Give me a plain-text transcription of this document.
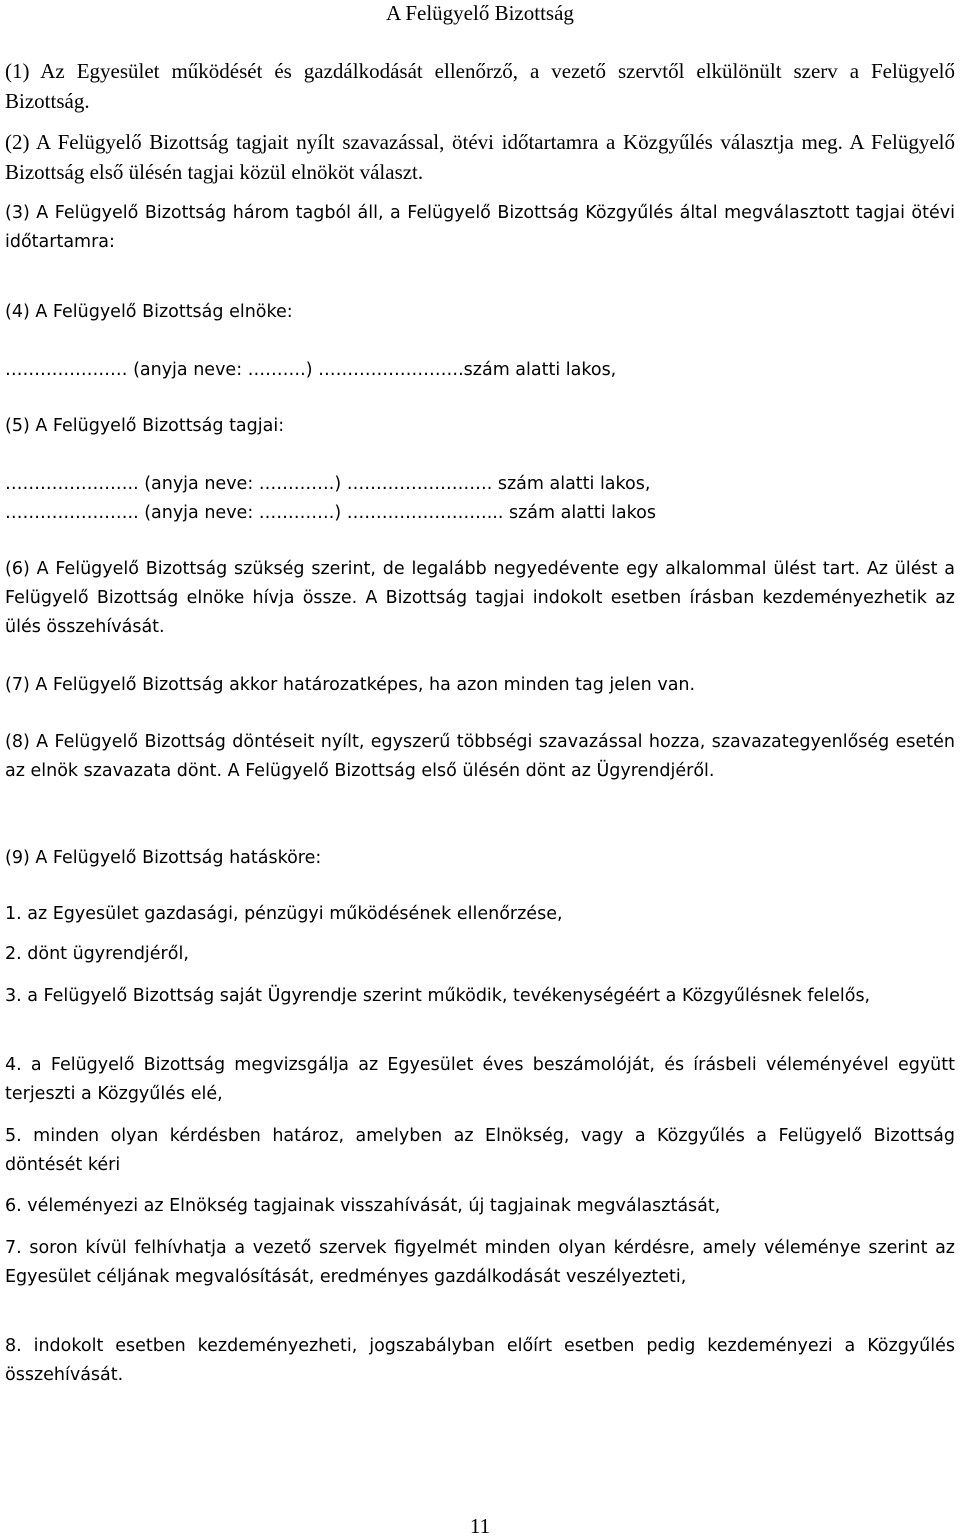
A Felügyelő Bizottság

(1) Az Egyesület működését és gazdálkodását ellenőrző, a vezető szervtől elkülönült szerv a Felügyelő Bizottság.

(2) A Felügyelő Bizottság tagjait nyílt szavazással, ötévi időtartamra a Közgyűlés választja meg. A Felügyelő Bizottság első ülésén tagjai közül elnököt választ.

(3) A Felügyelő Bizottság három tagból áll, a Felügyelő Bizottság Közgyűlés által megválasztott tagjai ötévi időtartamra:

(4) A Felügyelő Bizottság elnöke:

………………… (anyja neve: ……….) …………………….szám alatti lakos,

(5) A Felügyelő Bizottság tagjai:

………………….. (anyja neve: ………….) ……………………. szám alatti lakos,
………………….. (anyja neve: ………….) ……………………... szám alatti lakos

(6) A Felügyelő Bizottság szükség szerint, de legalább negyedévente egy alkalommal ülést tart. Az ülést a Felügyelő Bizottság elnöke hívja össze. A Bizottság tagjai indokolt esetben írásban kezdeményezhetik az ülés összehívását.

(7) A Felügyelő Bizottság akkor határozatképes, ha azon minden tag jelen van.

(8) A Felügyelő Bizottság döntéseit nyílt, egyszerű többségi szavazással hozza, szavazategyenlőség esetén az elnök szavazata dönt. A Felügyelő Bizottság első ülésén dönt az Ügyrendjéről.

(9) A Felügyelő Bizottság hatásköre:

1. az Egyesület gazdasági, pénzügyi működésének ellenőrzése,

2. dönt ügyrendjéről,

3. a Felügyelő Bizottság saját Ügyrendje szerint működik, tevékenységéért a Közgyűlésnek felelős,

4. a Felügyelő Bizottság megvizsgálja az Egyesület éves beszámolóját, és írásbeli véleményével együtt terjeszti a Közgyűlés elé,

5. minden olyan kérdésben határoz, amelyben az Elnökség, vagy a Közgyűlés a Felügyelő Bizottság döntését kéri

6. véleményezi az Elnökség tagjainak visszahívását, új tagjainak megválasztását,

7. soron kívül felhívhatja a vezető szervek figyelmét minden olyan kérdésre, amely véleménye szerint az Egyesület céljának megvalósítását, eredményes gazdálkodását veszélyezteti,

8. indokolt esetben kezdeményezheti, jogszabályban előírt esetben pedig kezdeményezi a Közgyűlés összehívását.

11
